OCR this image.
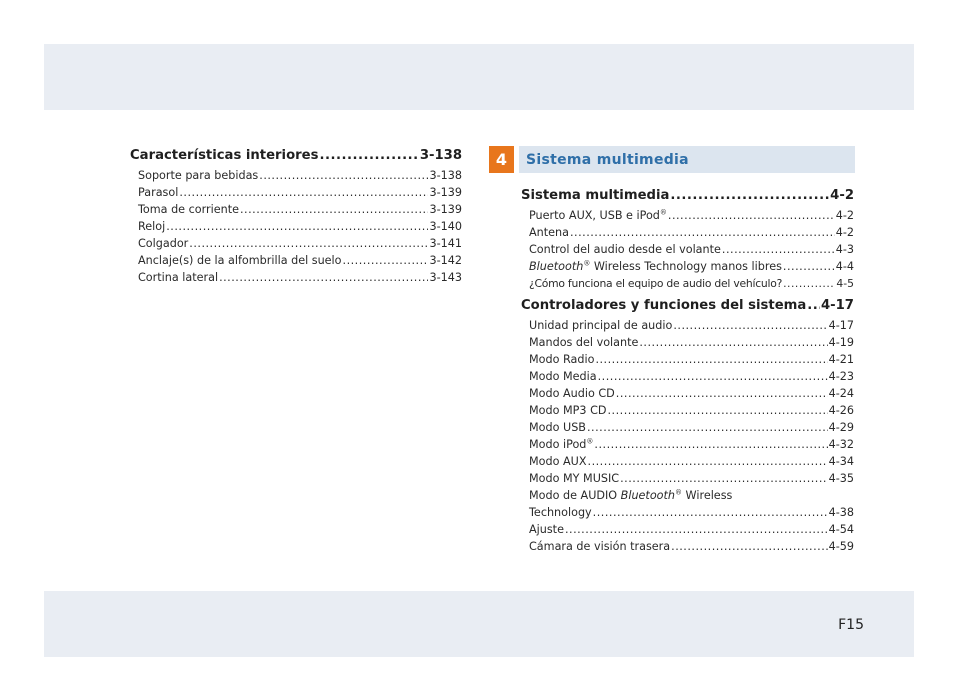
Características interiores .....	3-138
Soporte para bebidas .....	3-138
Parasol .....	3-139
Toma de corriente .....	3-139
Reloj .....	3-140
Colgador .....	3-141
Anclaje(s) de la alfombrilla del suelo .....	3-142
Cortina lateral .....	3-143
4	Sistema multimedia
Sistema multimedia .....	4-2
Puerto AUX, USB e iPod® .....	4-2
Antena .....	4-2
Control del audio desde el volante .....	4-3
Bluetooth® Wireless Technology manos libres .....	4-4
¿Cómo funciona el equipo de audio del vehículo? .....	4-5
Controladores y funciones del sistema ..... 4-17
Unidad principal de audio .....	4-17
Mandos del volante .....	4-19
Modo Radio .....	4-21
Modo Media .....	4-23
Modo Audio CD .....	4-24
Modo MP3 CD .....	4-26
Modo USB .....	4-29
Modo iPod® .....	4-32
Modo AUX .....	4-34
Modo MY MUSIC .....	4-35
Modo de AUDIO Bluetooth® Wireless
Technology .....	4-38
Ajuste .....	4-54
Cámara de visión trasera .....	4-59
F15
